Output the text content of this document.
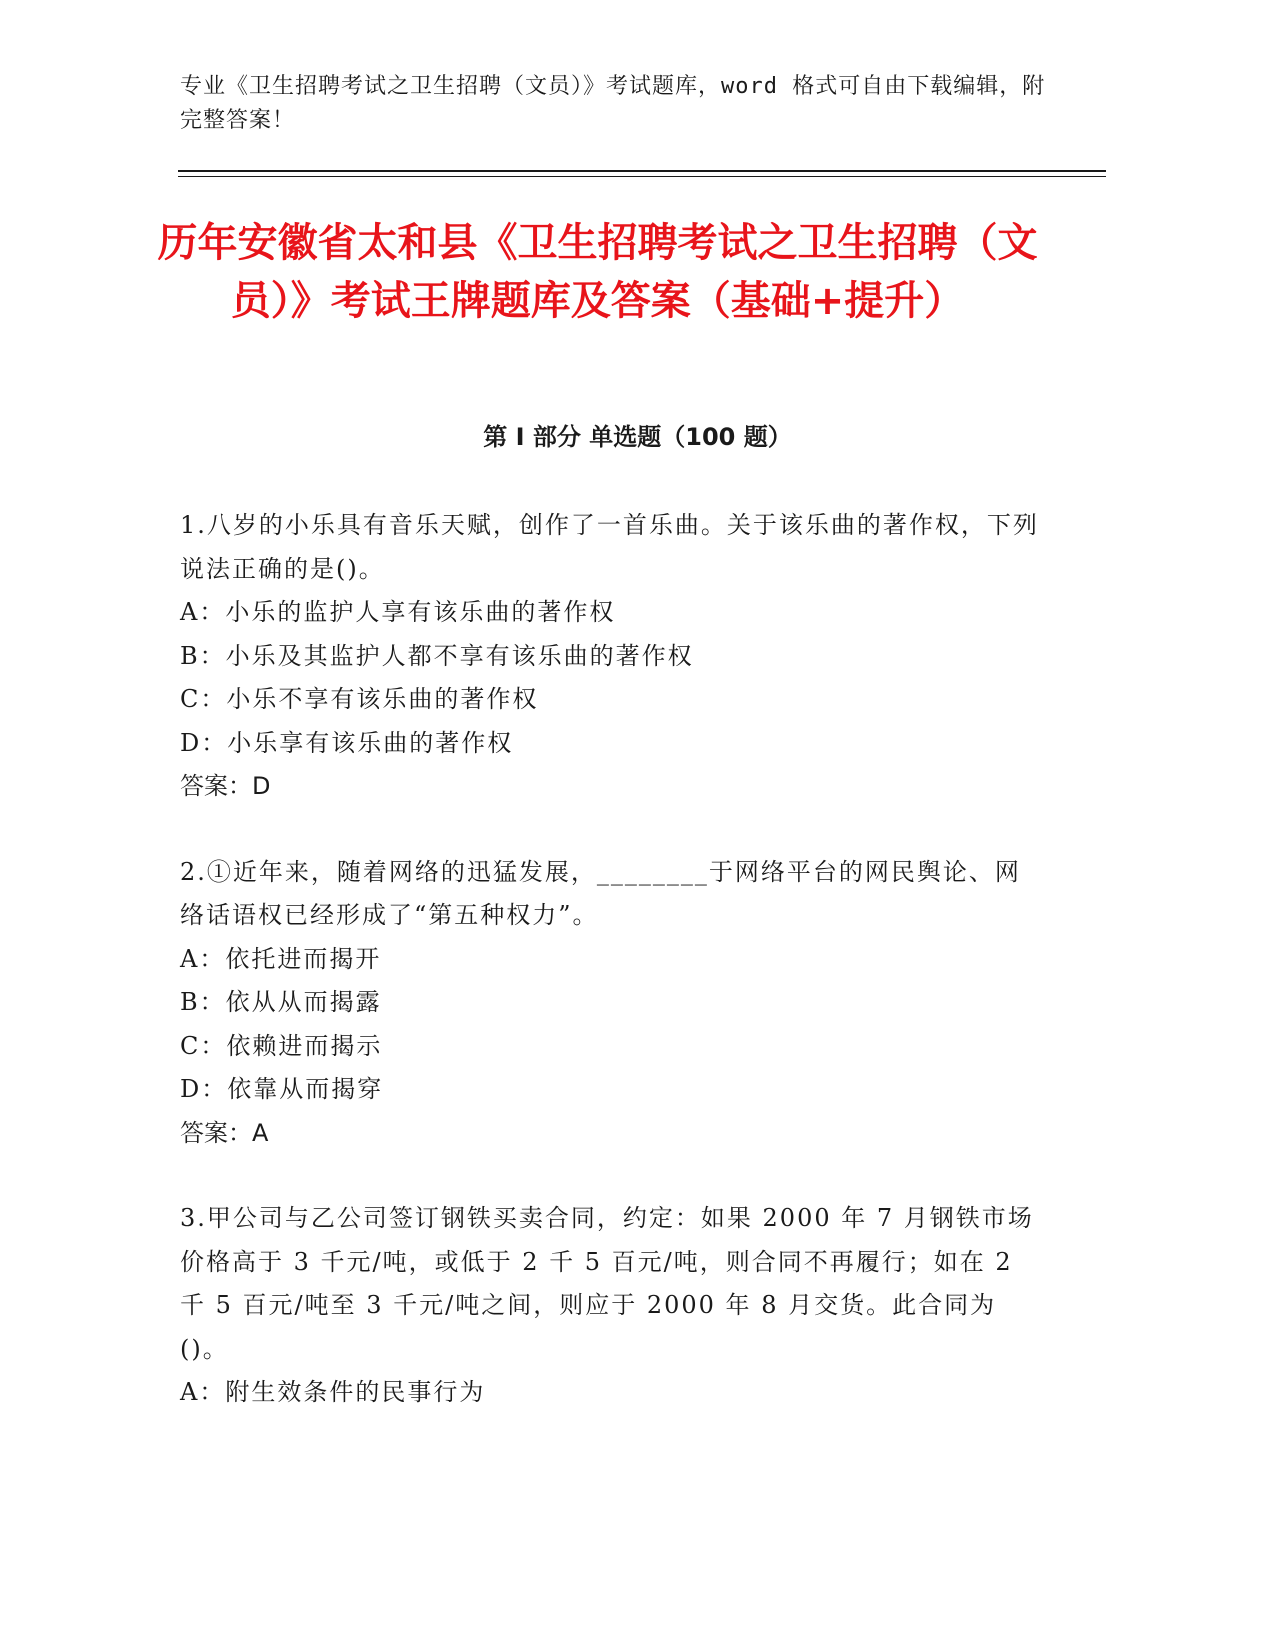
专业《卫生招聘考试之卫生招聘（文员）》考试题库，word 格式可自由下载编辑，附完整答案！
历年安徽省太和县《卫生招聘考试之卫生招聘（文员）》考试王牌题库及答案（基础+提升）
第 I 部分 单选题（100 题）

1.八岁的小乐具有音乐天赋，创作了一首乐曲。关于该乐曲的著作权，下列说法正确的是()。

A：小乐的监护人享有该乐曲的著作权

B：小乐及其监护人都不享有该乐曲的著作权

C：小乐不享有该乐曲的著作权

D：小乐享有该乐曲的著作权

答案：D

2.①近年来，随着网络的迅猛发展，________于网络平台的网民舆论、网络话语权已经形成了“第五种权力”。

A：依托进而揭开

B：依从从而揭露

C：依赖进而揭示

D：依靠从而揭穿

答案：A

3.甲公司与乙公司签订钢铁买卖合同，约定：如果 2000 年 7 月钢铁市场价格高于 3 千元/吨，或低于 2 千 5 百元/吨，则合同不再履行；如在 2 千 5 百元/吨至 3 千元/吨之间，则应于 2000 年 8 月交货。此合同为()。

A：附生效条件的民事行为
